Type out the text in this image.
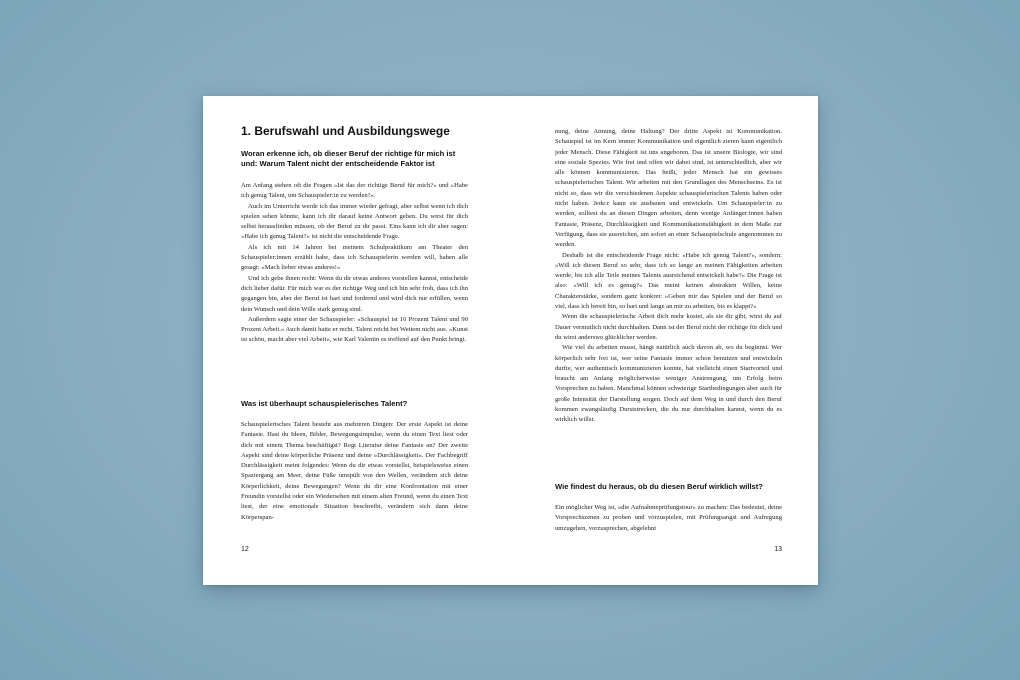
1. Berufswahl und Ausbildungswege
Woran erkenne ich, ob dieser Beruf der richtige für mich ist und: Warum Talent nicht der entscheidende Faktor ist

Am Anfang stehen oft die Fragen »Ist das der richtige Beruf für mich?« und »Habe ich genug Talent, um Schauspieler:in zu werden?«.

Auch im Unterricht werde ich das immer wieder gefragt, aber selbst wenn ich dich spielen sehen könnte, kann ich dir darauf keine Antwort geben. Du wirst für dich selbst herausfinden müssen, ob der Beruf zu dir passt. Eins kann ich dir aber sagen: »Habe ich genug Talent?« ist nicht die entscheidende Frage.

Als ich mit 14 Jahren bei meinem Schulpraktikum am Theater den Schauspieler:innen erzählt habe, dass ich Schauspielerin werden will, haben alle gesagt: »Mach lieber etwas anderes!«

Und ich gebe ihnen recht: Wenn du dir etwas anderes vorstellen kannst, entscheide dich lieber dafür. Für mich war es der richtige Weg und ich bin sehr froh, dass ich ihn gegangen bin, aber der Beruf ist hart und fordernd und wird dich nur erfüllen, wenn dein Wunsch und dein Wille stark genug sind.

Außerdem sagte einer der Schauspieler: »Schauspiel ist 10 Prozent Talent und 90 Prozent Arbeit.« Auch damit hatte er recht. Talent reicht bei Weitem nicht aus. »Kunst ist schön, macht aber viel Arbeit«, wie Karl Valentin es treffend auf den Punkt bringt.

Was ist überhaupt schauspielerisches Talent?

Schauspielerisches Talent besteht aus mehreren Dingen: Der erste Aspekt ist deine Fantasie. Hast du Ideen, Bilder, Bewegungsimpulse, wenn du einen Text liest oder dich mit einem Thema beschäftigst? Regt Literatur deine Fantasie an? Der zweite Aspekt sind deine körperliche Präsenz und deine »Durchlässigkeit«. Der Fachbegriff Durchlässigkeit meint folgendes: Wenn du dir etwas vorstellst, beispielsweise einen Spaziergang am Meer, deine Füße umspült von den Wellen, verändern sich deine Körperlichkeit, deine Bewegungen? Wenn du dir eine Konfrontation mit einer Freundin vorstellst oder ein Wiedersehen mit einem alten Freund, wenn du einen Text liest, der eine emotionale Situation beschreibt, verändern sich dann deine Körperspan-

12

nung, deine Atmung, deine Haltung? Der dritte Aspekt ist Kommunikation. Schauspiel ist im Kern immer Kommunikation und eigentlich zieren kann eigentlich jeder Mensch. Diese Fähigkeit ist uns angeboren. Das ist unsere Biologie, wir sind eine soziale Spezies. Wie frei und offen wir dabei sind, ist unterschiedlich, aber wir alle können kommunizieren. Das heißt, jeder Mensch hat ein gewisses schauspielerisches Talent. Wir arbeiten mit den Grundlagen des Menschseins. Es ist nicht so, dass wir die verschiedenen Aspekte schauspielerischen Talents haben oder nicht haben. Jede:r kann sie ausbauen und entwickeln. Um Schauspieler:in zu werden, solltest du an diesen Dingen arbeiten, denn wenige Anfänger:innen haben Fantasie, Präsenz, Durchlässigkeit und Kommunikationsfähigkeit in dem Maße zur Verfügung, dass sie ausreichen, um sofort an einer Schauspielschule angenommen zu werden.

Deshalb ist die entscheidende Frage nicht: »Habe ich genug Talent?«, sondern: »Will ich diesen Beruf so sehr, dass ich so lange an meinen Fähigkeiten arbeiten werde, bis ich alle Teile meines Talents ausreichend entwickelt habe?« Die Frage ist also: »Will ich es genug?« Das meint keinen abstrakten Willen, keine Charakterstärke, sondern ganz konkret: »Geben mir das Spielen und der Beruf so viel, dass ich bereit bin, so hart und lange an mir zu arbeiten, bis es klappt?«

Wenn die schauspielerische Arbeit dich mehr kostet, als sie dir gibt, wirst du auf Dauer vermutlich nicht durchhalten. Dann ist der Beruf nicht der richtige für dich und du wirst anderswo glücklicher werden.

Wie viel du arbeiten musst, hängt natürlich auch davon ab, wo du beginnst. Wer körperlich sehr frei ist, wer seine Fantasie immer schon benutzen und entwickeln durfte, wer authentisch kommunizieren konnte, hat vielleicht einen Startvorteil und braucht am Anfang möglicherweise weniger Anstrengung, um Erfolg beim Vorsprechen zu haben. Manchmal können schwierige Startbedingungen aber auch für große Intensität der Darstellung sorgen. Doch auf dem Weg in und durch den Beruf kommen zwangsläufig Durststrecken, die du nur durchhalten kannst, wenn du es wirklich willst.

Wie findest du heraus, ob du diesen Beruf wirklich willst?

Ein möglicher Weg ist, »die Aufnahmeprüfungstour« zu machen: Das bedeutet, deine Vorsprechszenen zu proben und vorzuspielen, mit Prüfungsangst und Aufregung umzugehen, vorzusprechen, abgelehnt

13
